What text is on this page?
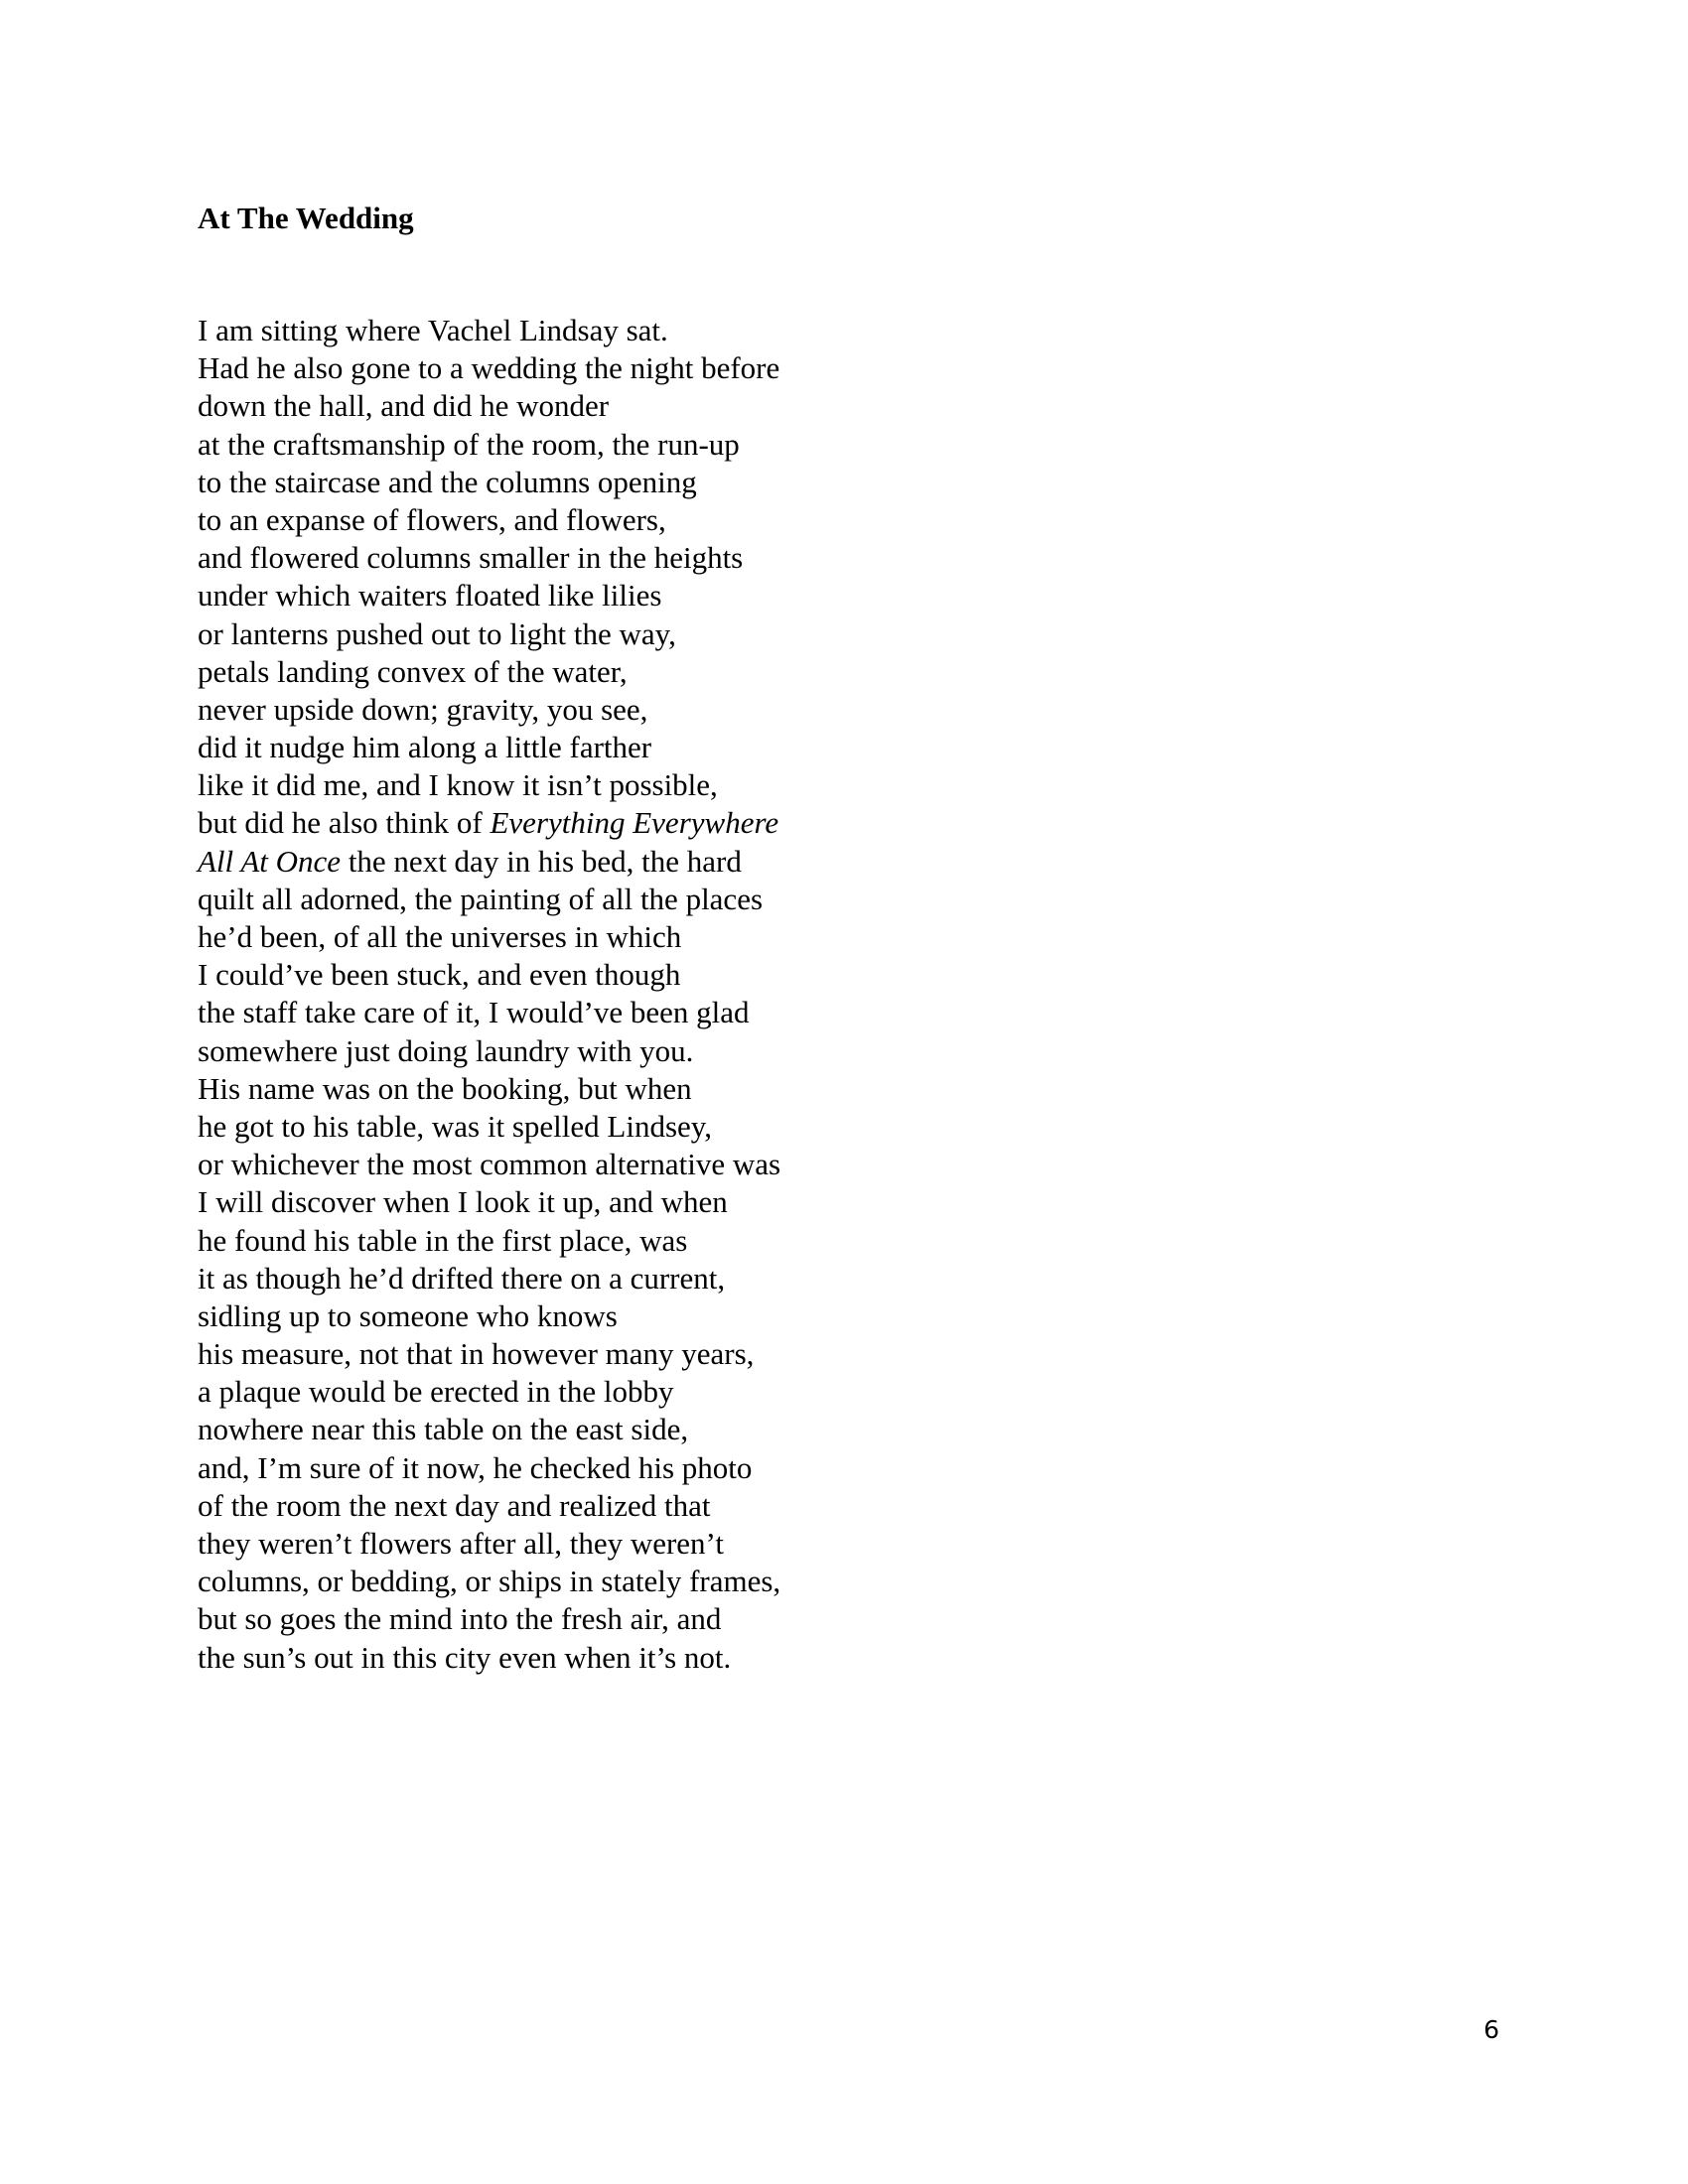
At The Wedding
I am sitting where Vachel Lindsay sat.
Had he also gone to a wedding the night before
down the hall, and did he wonder
at the craftsmanship of the room, the run-up
to the staircase and the columns opening
to an expanse of flowers, and flowers,
and flowered columns smaller in the heights
under which waiters floated like lilies
or lanterns pushed out to light the way,
petals landing convex of the water,
never upside down; gravity, you see,
did it nudge him along a little farther
like it did me, and I know it isn’t possible,
but did he also think of Everything Everywhere
All At Once the next day in his bed, the hard
quilt all adorned, the painting of all the places
he’d been, of all the universes in which
I could’ve been stuck, and even though
the staff take care of it, I would’ve been glad
somewhere just doing laundry with you.
His name was on the booking, but when
he got to his table, was it spelled Lindsey,
or whichever the most common alternative was
I will discover when I look it up, and when
he found his table in the first place, was
it as though he’d drifted there on a current,
sidling up to someone who knows
his measure, not that in however many years,
a plaque would be erected in the lobby
nowhere near this table on the east side,
and, I’m sure of it now, he checked his photo
of the room the next day and realized that
they weren’t flowers after all, they weren’t
columns, or bedding, or ships in stately frames,
but so goes the mind into the fresh air, and
the sun’s out in this city even when it’s not.
6
